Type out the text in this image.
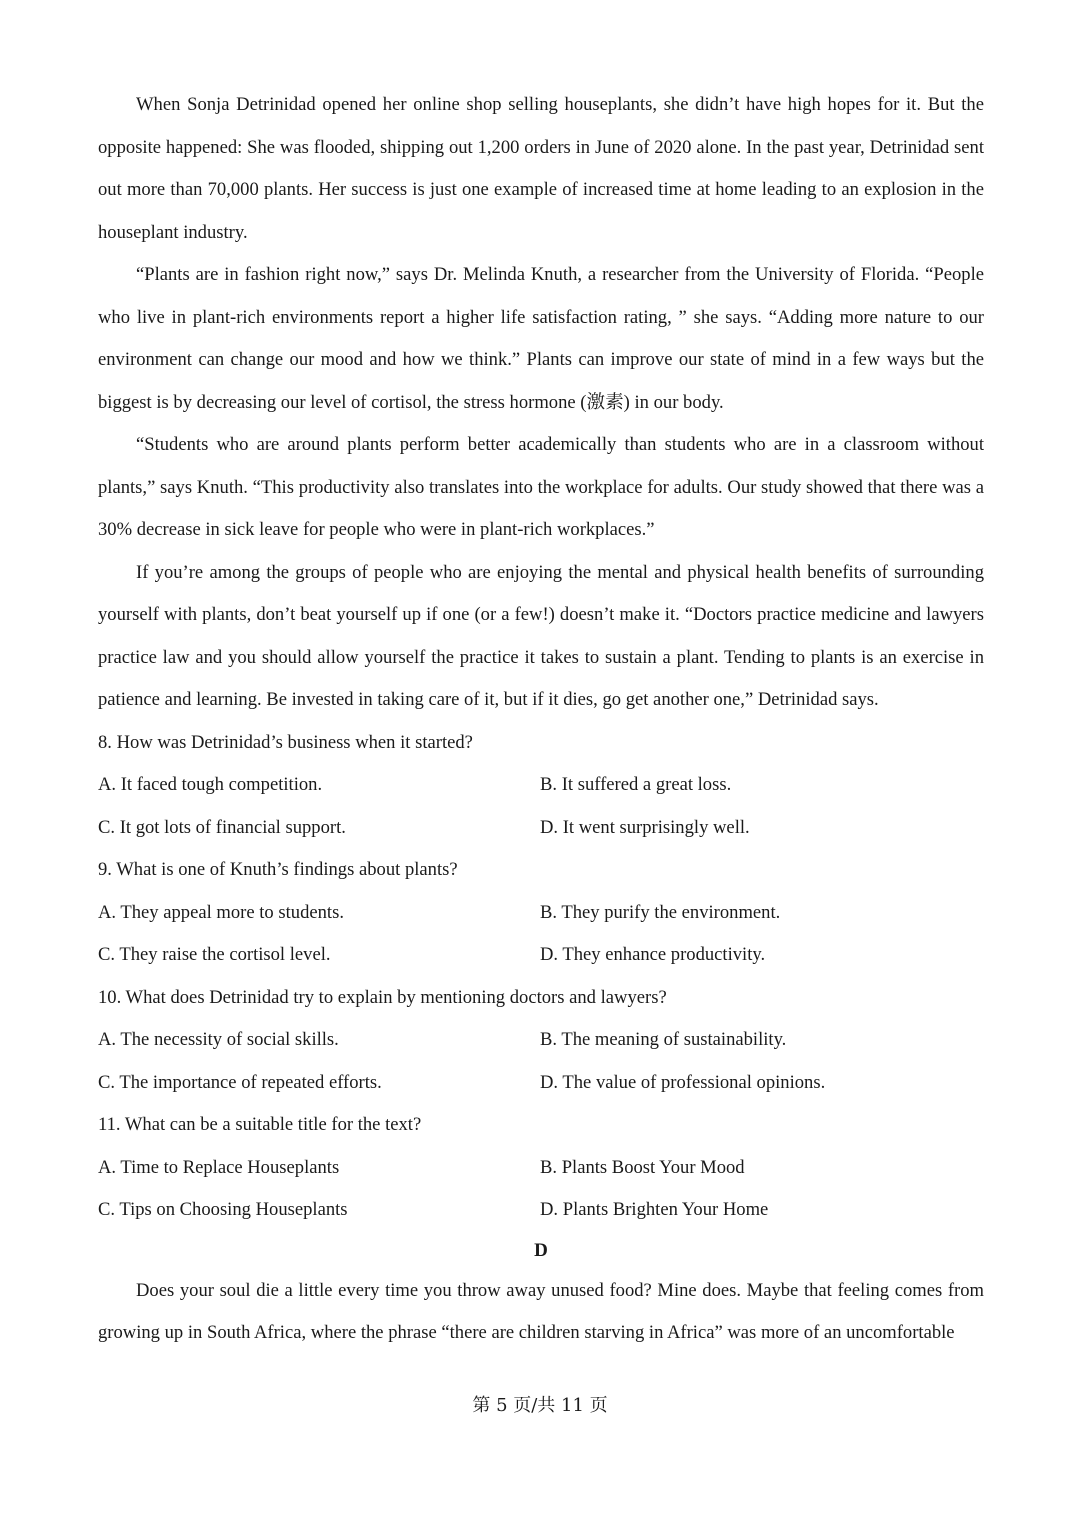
When Sonja Detrinidad opened her online shop selling houseplants, she didn’t have high hopes for it. But the opposite happened: She was flooded, shipping out 1,200 orders in June of 2020 alone. In the past year, Detrinidad sent out more than 70,000 plants. Her success is just one example of increased time at home leading to an explosion in the houseplant industry.

“Plants are in fashion right now,” says Dr. Melinda Knuth, a researcher from the University of Florida. “People who live in plant-rich environments report a higher life satisfaction rating, ” she says. “Adding more nature to our environment can change our mood and how we think.” Plants can improve our state of mind in a few ways but the biggest is by decreasing our level of cortisol, the stress hormone (激素) in our body.

“Students who are around plants perform better academically than students who are in a classroom without plants,” says Knuth. “This productivity also translates into the workplace for adults. Our study showed that there was a 30% decrease in sick leave for people who were in plant-rich workplaces.”

If you’re among the groups of people who are enjoying the mental and physical health benefits of surrounding yourself with plants, don’t beat yourself up if one (or a few!) doesn’t make it. “Doctors practice medicine and lawyers practice law and you should allow yourself the practice it takes to sustain a plant. Tending to plants is an exercise in patience and learning. Be invested in taking care of it, but if it dies, go get another one,” Detrinidad says.

8. How was Detrinidad’s business when it started?

A. It faced tough competition.	B. It suffered a great loss.
C. It got lots of financial support.	D. It went surprisingly well.

9. What is one of Knuth’s findings about plants?

A. They appeal more to students.	B. They purify the environment.
C. They raise the cortisol level.	D. They enhance productivity.

10. What does Detrinidad try to explain by mentioning doctors and lawyers?

A. The necessity of social skills.	B. The meaning of sustainability.
C. The importance of repeated efforts.	D. The value of professional opinions.

11. What can be a suitable title for the text?

A. Time to Replace Houseplants	B. Plants Boost Your Mood
C. Tips on Choosing Houseplants	D. Plants Brighten Your Home
D

Does your soul die a little every time you throw away unused food? Mine does. Maybe that feeling comes from growing up in South Africa, where the phrase “there are children starving in Africa” was more of an uncomfortable

第 5 页/共 11 页
